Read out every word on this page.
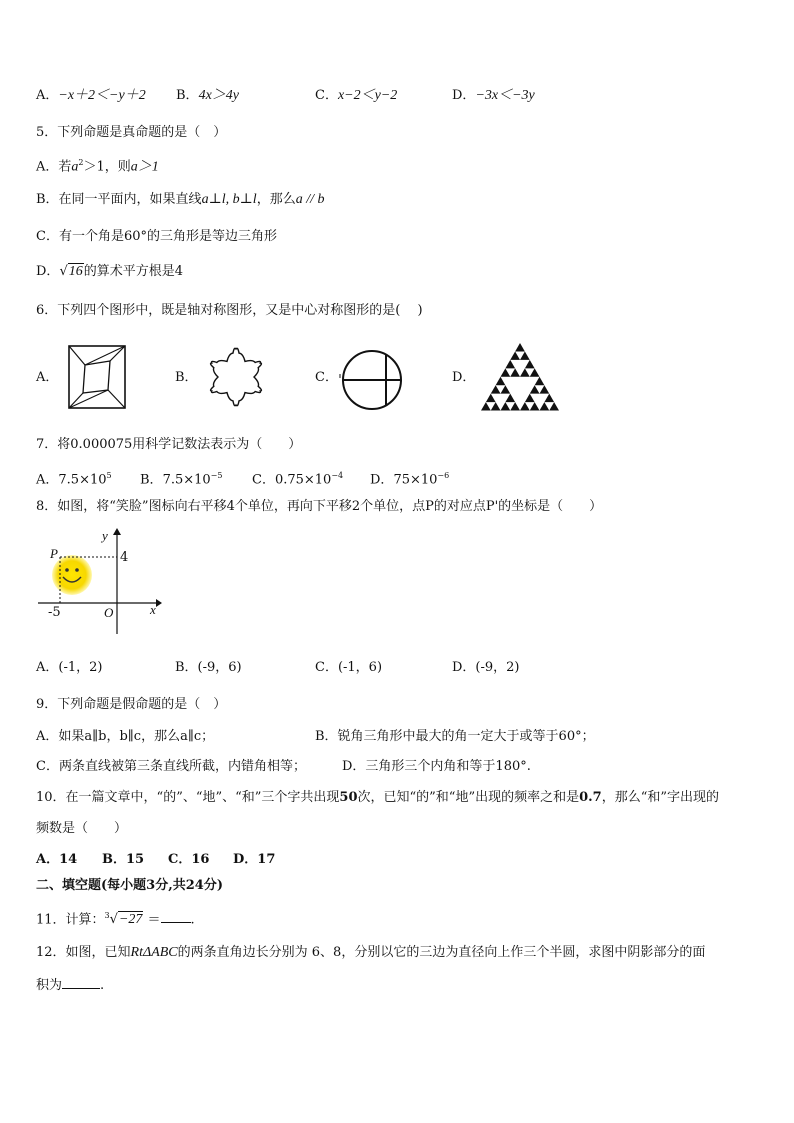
A．−x＋2＜−y＋2 B．4x＞4y	C．x−2＜y−2	D．−3x＜−3y
5．下列命题是真命题的是（　）
A．若$a^2>1$，则a＞1
B．在同一平面内，如果直线a⊥l, b⊥l，那么a // b
C．有一个角是60°的三角形是等边三角形
D．√16的算术平方根是4
6．下列四个图形中，既是轴对称图形，又是中心对称图形的是(　 )
A．	B．	C．	D．
7．将0.000075用科学记数法表示为（　　）
A．$7.5\times 10^5$ B．$7.5\times 10^{-5}$ C．$0.75\times 10^{-4}$ D．$75\times 10^{-6}$
8．如图，将“笑脸”图标向右平移4个单位，再向下平移2个单位，点P的对应点P'的坐标是（　　）
P
y
4
-5	O	x
A．(-1，2)	B．(-9，6)	C．(-1，6)	D．(-9，2)
9．下列命题是假命题的是（　）
A．如果a∥b，b∥c，那么a∥c；	B．锐角三角形中最大的角一定大于或等于60°；
C．两条直线被第三条直线所截，内错角相等；	D．三角形三个内角和等于180°.
10．在一篇文章中，“的”、“地”、“和”三个字共出现50次，已知“的”和“地”出现的频率之和是0.7，那么“和”字出现的
频数是（　　）
A．14 B．15 C．16 D．17
二、填空题(每小题3分,共24分)
11．计算：$^3$√−27 ＝ .
12．如图，已知RtΔABC的两条直角边长分别为 6、8，分别以它的三边为直径向上作三个半圆，求图中阴影部分的面
积为	.
